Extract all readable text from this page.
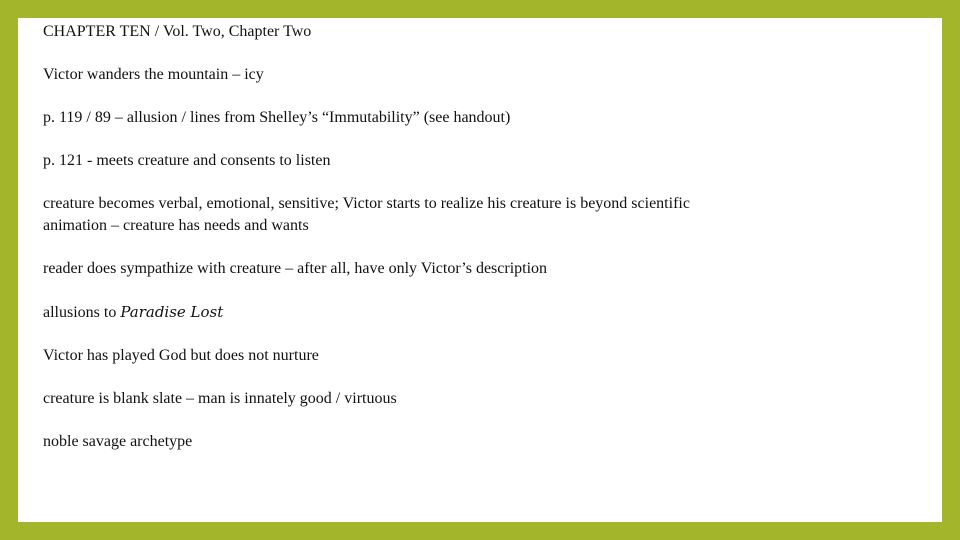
CHAPTER TEN / Vol. Two, Chapter Two
Victor wanders the mountain – icy
p. 119 / 89 – allusion / lines from Shelley’s “Immutability” (see handout)
p. 121 - meets creature and consents to listen
creature becomes verbal, emotional, sensitive; Victor starts to realize his creature is beyond scientific animation – creature has needs and wants
reader does sympathize with creature – after all, have only Victor’s description
allusions to Paradise Lost
Victor has played God but does not nurture
creature is blank slate – man is innately good / virtuous
noble savage archetype
